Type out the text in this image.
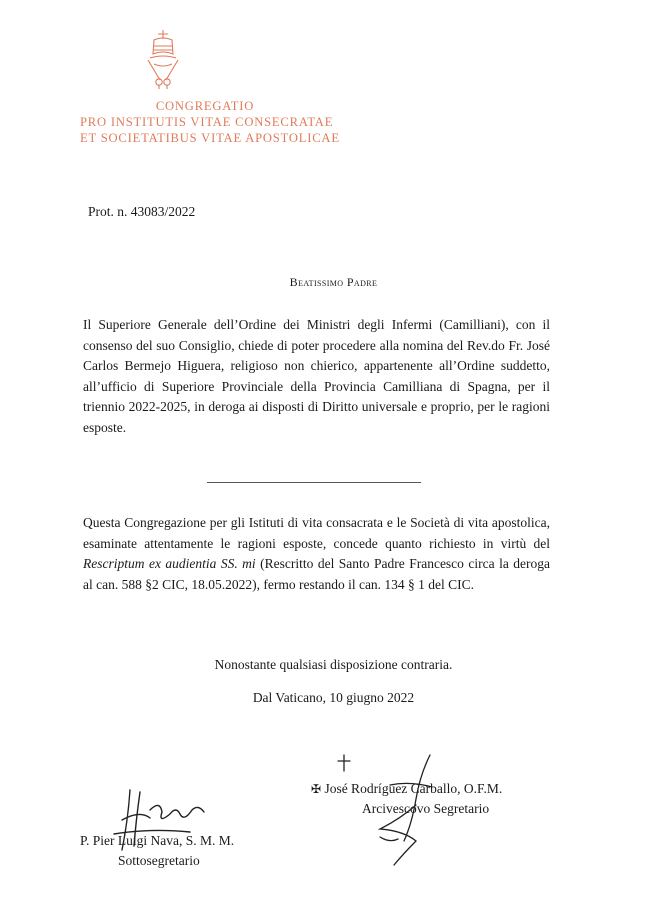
CONGREGATIO
PRO INSTITUTIS VITAE CONSECRATAE
ET SOCIETATIBUS VITAE APOSTOLICAE
Prot. n. 43083/2022
Beatissimo Padre
Il Superiore Generale dell’Ordine dei Ministri degli Infermi (Camilliani), con il consenso del suo Consiglio, chiede di poter procedere alla nomina del Rev.do Fr. José Carlos Bermejo Higuera, religioso non chierico, appartenente all’Ordine suddetto, all’ufficio di Superiore Provinciale della Provincia Camilliana di Spagna, per il triennio 2022-2025, in deroga ai disposti di Diritto universale e proprio, per le ragioni esposte.
Questa Congregazione per gli Istituti di vita consacrata e le Società di vita apostolica, esaminate attentamente le ragioni esposte, concede quanto richiesto in virtù del Rescriptum ex audientia SS. mi (Rescritto del Santo Padre Francesco circa la deroga al can. 588 §2 CIC, 18.05.2022), fermo restando il can. 134 § 1 del CIC.
Nonostante qualsiasi disposizione contraria.
Dal Vaticano, 10 giugno 2022
✠ José Rodríguez Carballo, O.F.M.
Arcivescovo Segretario
P. Pier Luigi Nava, S. M. M.
Sottosegretario
